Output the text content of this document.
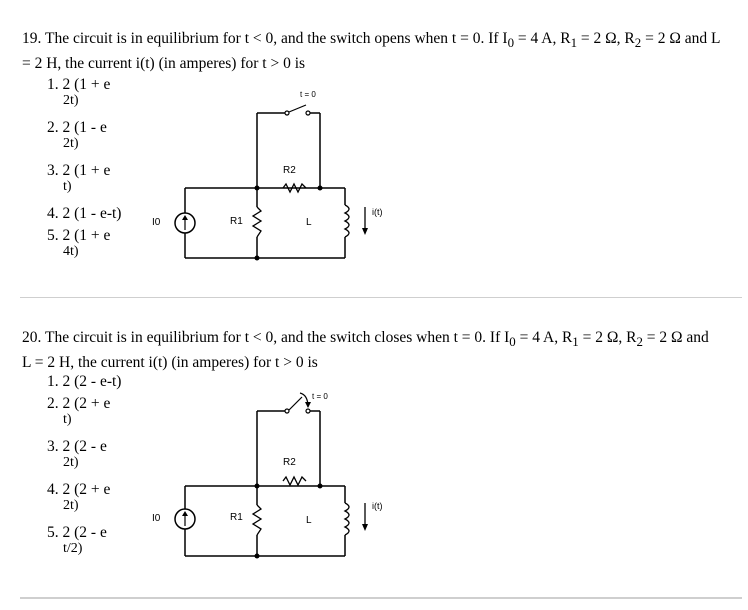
19. The circuit is in equilibrium for t < 0, and the switch opens when t = 0. If $I_0 = 4$ A, $R_1 = 2$ Ω, $R_2 = 2$ Ω and L
= 2 H, the current i(t) (in amperes) for t > 0 is
1. 2 (1 + e
2t)
2. 2 (1 - e
2t)
3. 2 (1 + e
t)
4. 2 (1 - e-t)
5. 2 (1 + e
4t)
t = 0
I0	R1
R2
L
i(t)
20. The circuit is in equilibrium for t < 0, and the switch closes when t = 0. If $I_0 = 4$ A, $R_1 = 2$ Ω, $R_2 = 2$ Ω and
L = 2 H, the current i(t) (in amperes) for t > 0 is
1. 2 (2 - e-t)
2. 2 (2 + e
t)
3. 2 (2 - e
2t)
4. 2 (2 + e
2t)
5. 2 (2 - e
t/2)
t = 0
I0	R1
R2
L
i(t)
